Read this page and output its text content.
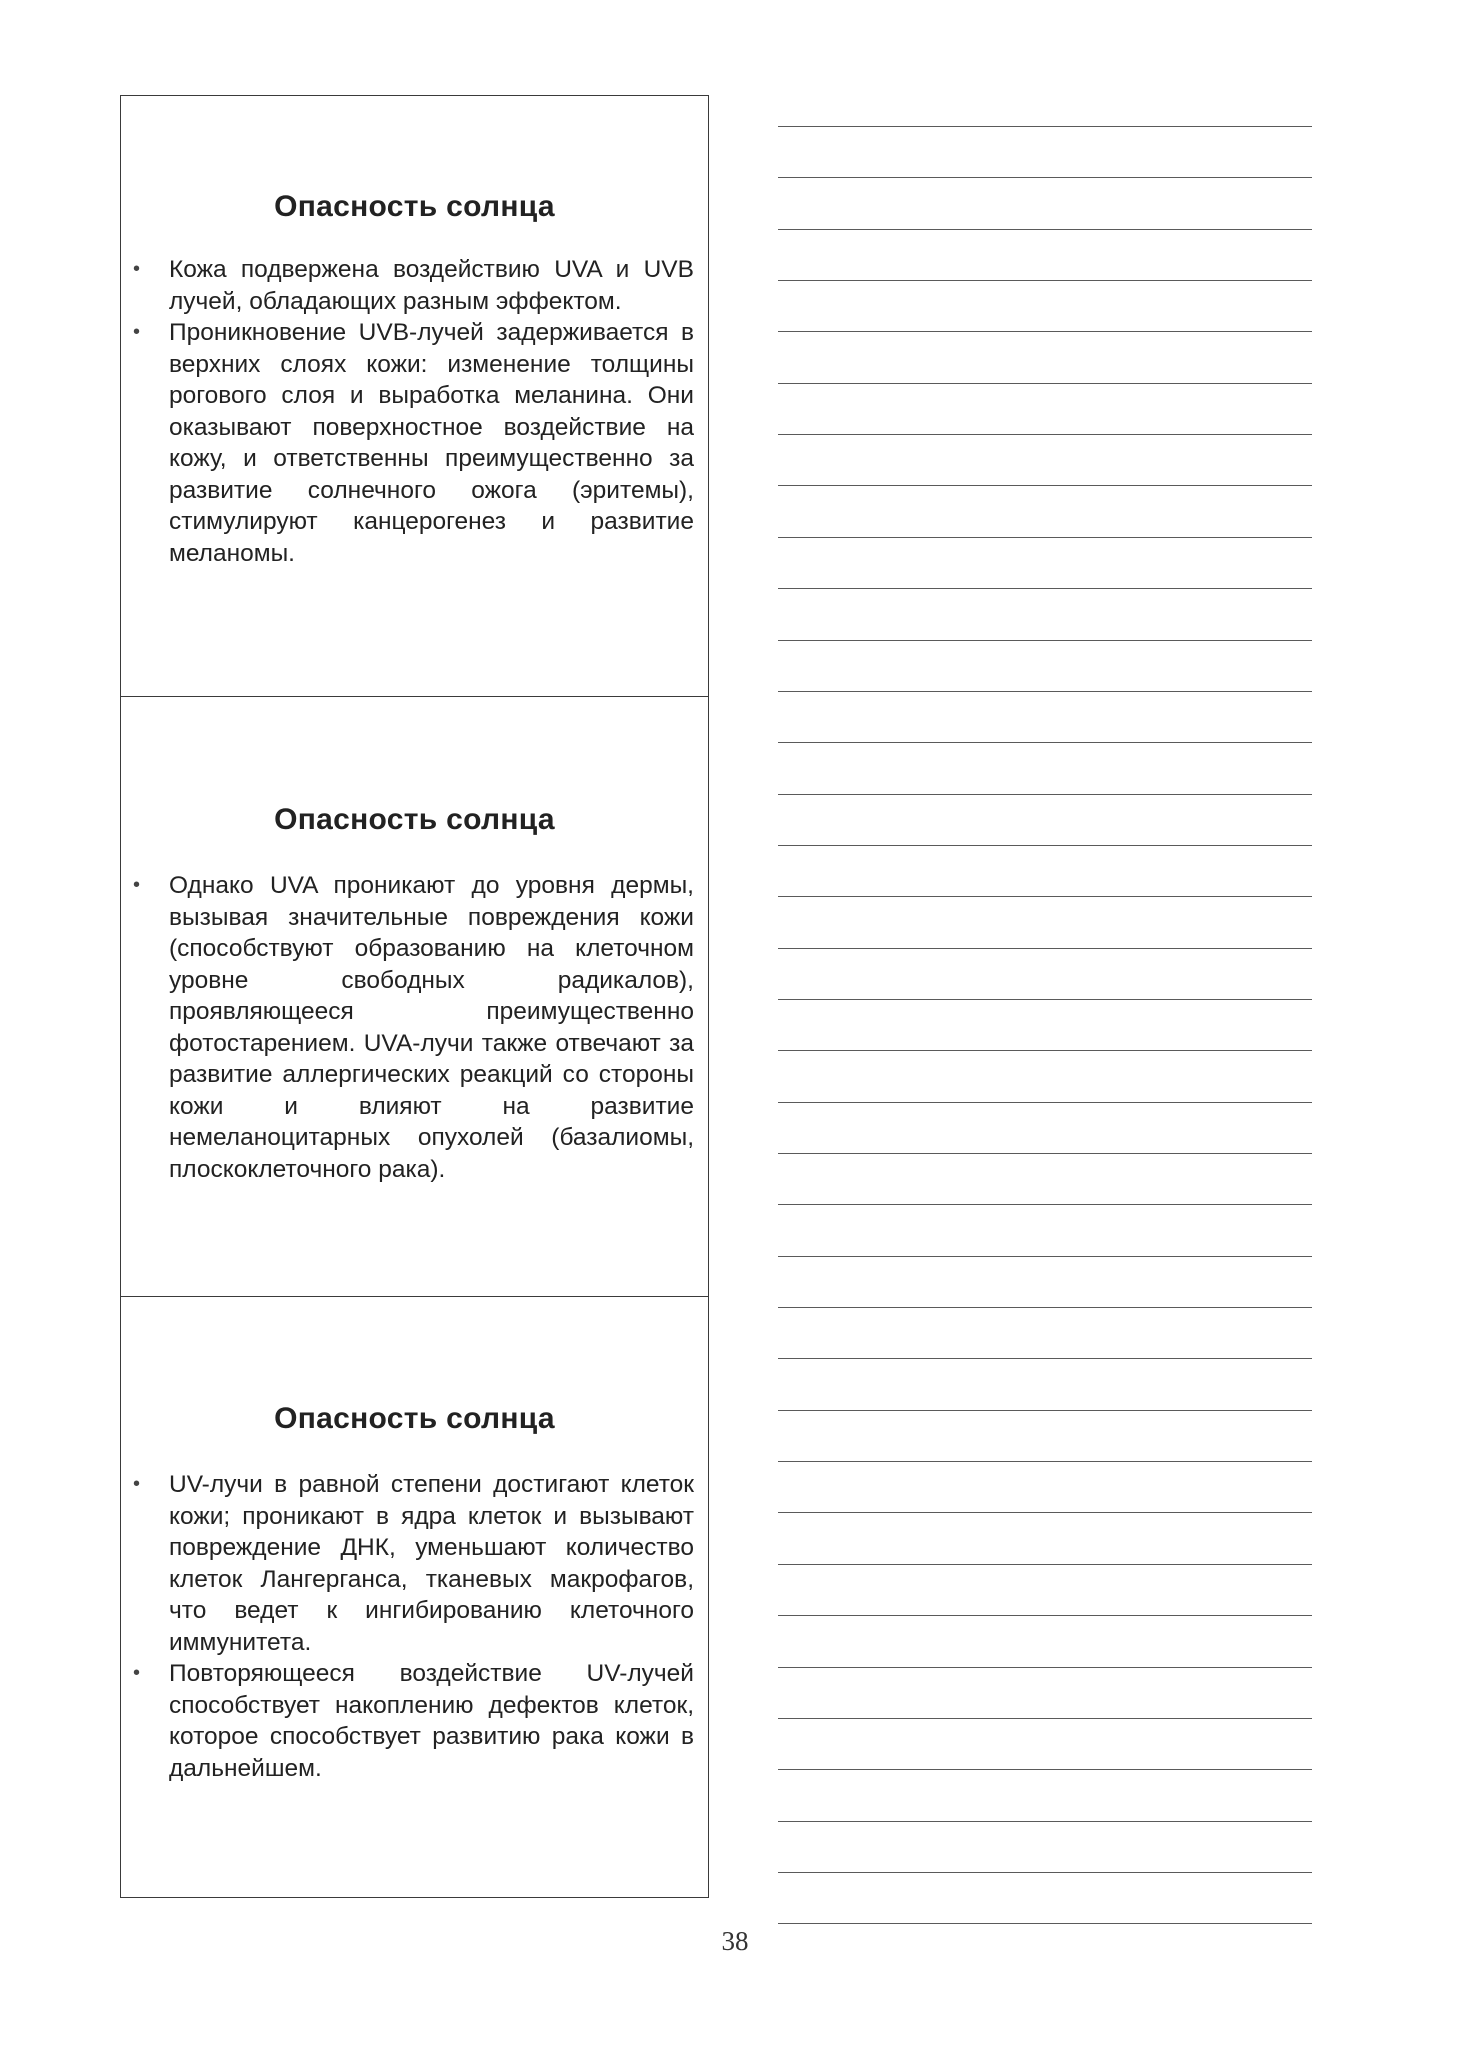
Опасность солнца
• Кожа подвержена воздействию UVA и UVB лучей, обладающих разным эффектом.
• Проникновение UVB-лучей задерживается в верхних слоях кожи: изменение толщины рогового слоя и выработка меланина. Они оказывают поверхностное воздействие на кожу, и ответственны преимущественно за развитие солнечного ожога (эритемы), стимулируют канцерогенез и развитие меланомы.
Опасность солнца
• Однако UVA проникают до уровня дермы, вызывая значительные повреждения кожи (способствуют образованию на клеточном уровне свободных радикалов), проявляющееся преимущественно фотостарением. UVA-лучи также отвечают за развитие аллергических реакций со стороны кожи и влияют на развитие немеланоцитарных опухолей (базалиомы, плоскоклеточного рака).
Опасность солнца
• UV-лучи в равной степени достигают клеток кожи; проникают в ядра клеток и вызывают повреждение ДНК, уменьшают количество клеток Лангерганса, тканевых макрофагов, что ведет к ингибированию клеточного иммунитета.
• Повторяющееся воздействие UV-лучей способствует накоплению дефектов клеток, которое способствует развитию рака кожи в дальнейшем.
38
